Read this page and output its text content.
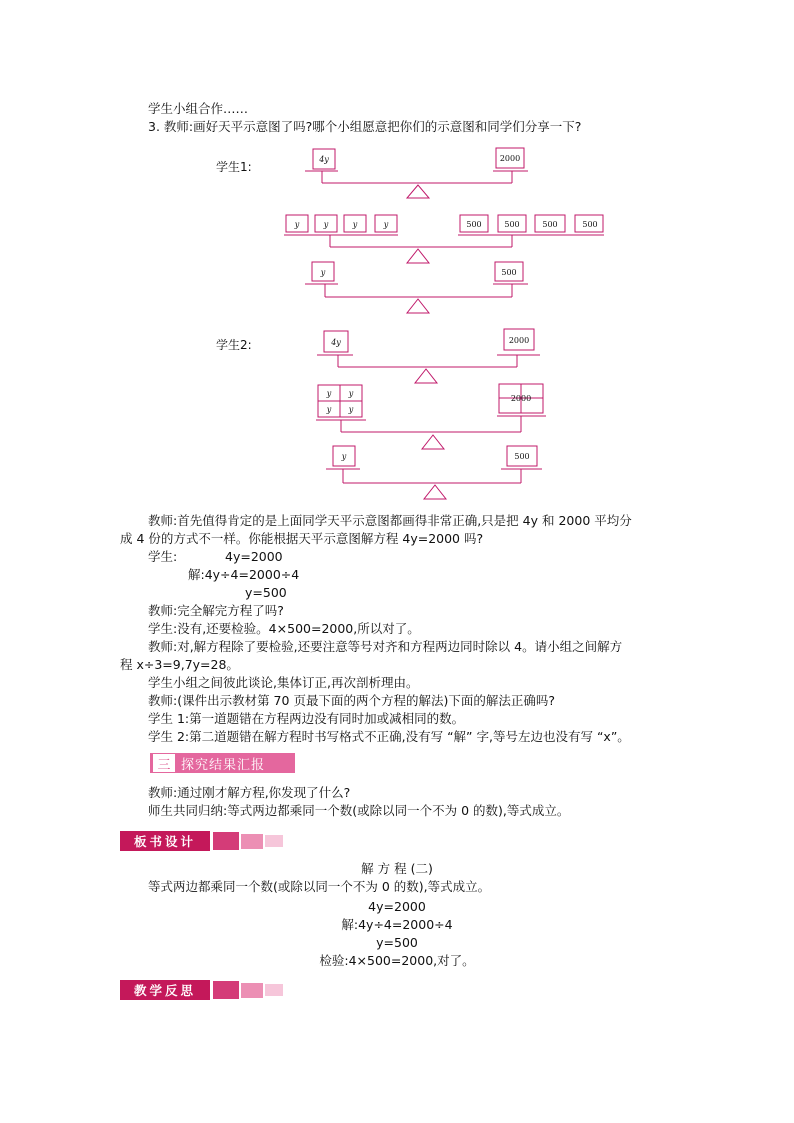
学生小组合作……
3. 教师:画好天平示意图了吗?哪个小组愿意把你们的示意图和同学们分享一下?
学生1:
学生2:
4y	2000
y	y	y	y	500	500	500	500
y	500
4y	2000
y y
y y
2000
y	500
教师:首先值得肯定的是上面同学天平示意图都画得非常正确,只是把 4y 和 2000 平均分
成 4 份的方式不一样。你能根据天平示意图解方程 4y=2000 吗?
学生:	4y=2000
解:4y÷4=2000÷4
y=500
教师:完全解完方程了吗?
学生:没有,还要检验。4×500=2000,所以对了。
教师:对,解方程除了要检验,还要注意等号对齐和方程两边同时除以 4。请小组之间解方
程 x÷3=9,7y=28。
学生小组之间彼此谈论,集体订正,再次剖析理由。
教师:(课件出示教材第 70 页最下面的两个方程的解法)下面的解法正确吗?
学生 1:第一道题错在方程两边没有同时加或减相同的数。
学生 2:第二道题错在解方程时书写格式不正确,没有写 “解” 字,等号左边也没有写 “x”。
三 探究结果汇报
教师:通过刚才解方程,你发现了什么?
师生共同归纳:等式两边都乘同一个数(或除以同一个不为 0 的数),等式成立。
板书设计
解 方 程 (二)
等式两边都乘同一个数(或除以同一个不为 0 的数),等式成立。
4y=2000
解:4y÷4=2000÷4
y=500
检验:4×500=2000,对了。
教学反思
